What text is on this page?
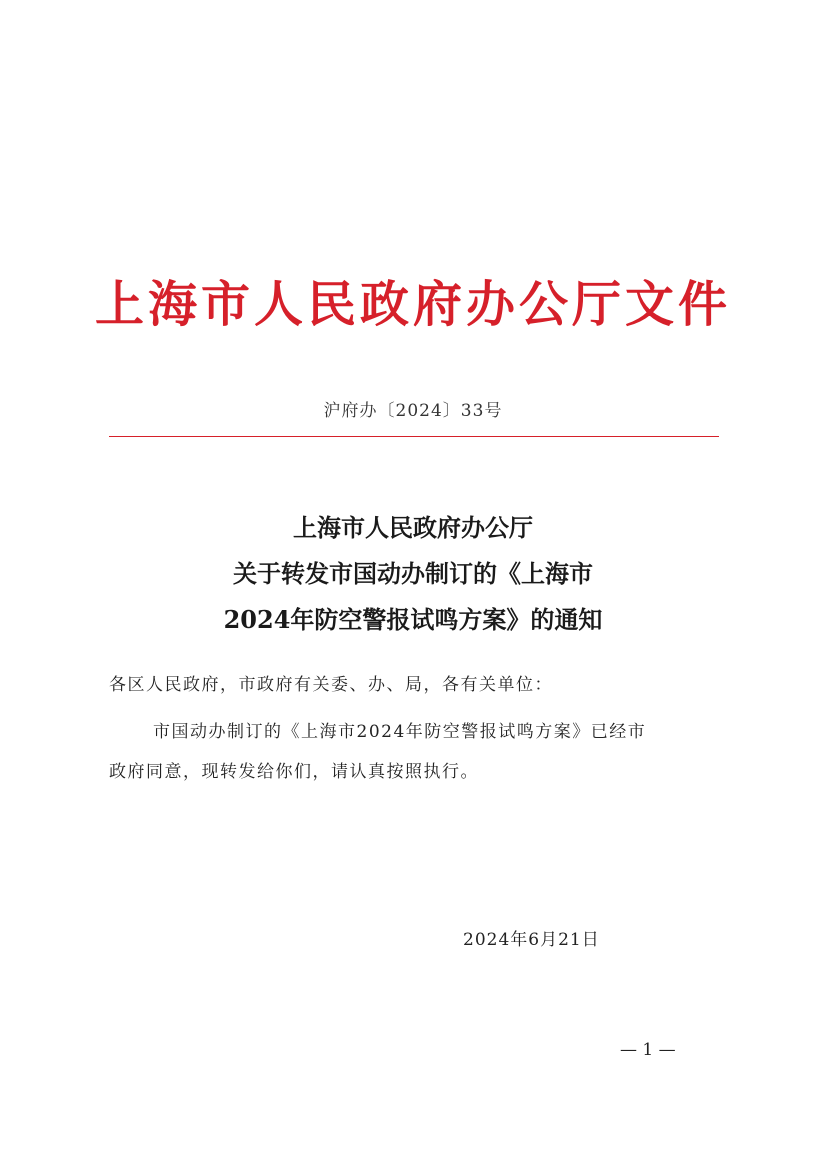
上海市人民政府办公厅文件
沪府办〔2024〕33号
上海市人民政府办公厅
关于转发市国动办制订的《上海市
2024年防空警报试鸣方案》的通知
各区人民政府，市政府有关委、办、局，各有关单位：
市国动办制订的《上海市2024年防空警报试鸣方案》已经市
政府同意，现转发给你们，请认真按照执行。
2024年6月21日
— 1 —
